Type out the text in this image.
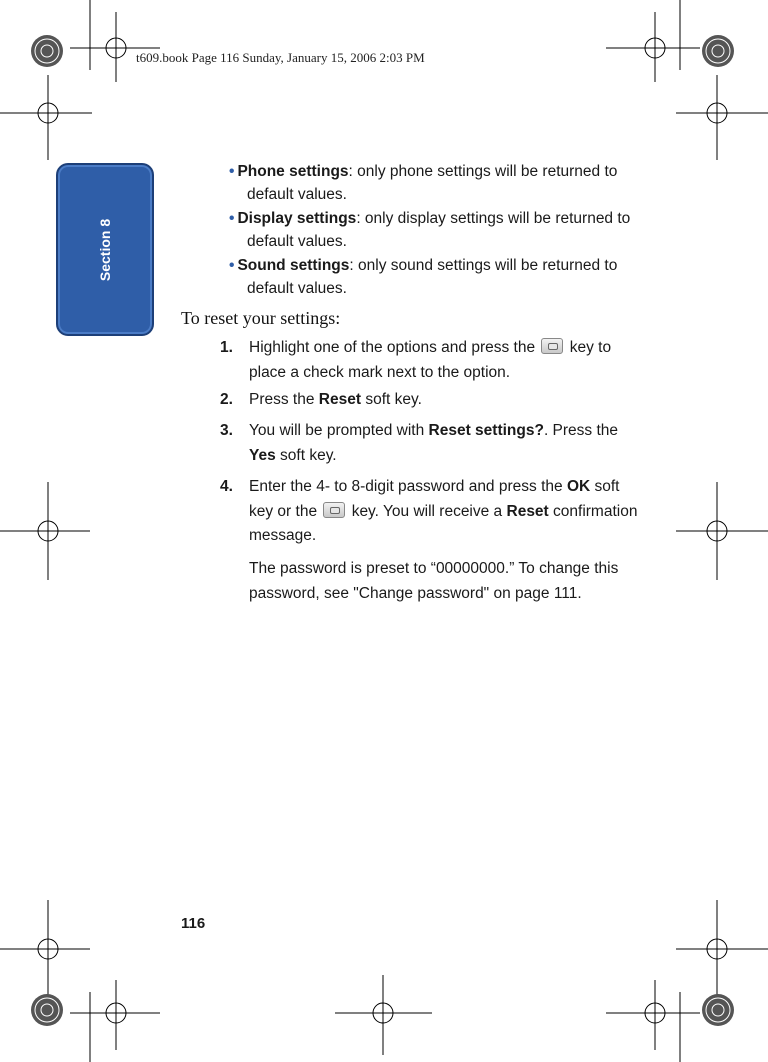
t609.book Page 116 Sunday, January 15, 2006 2:03 PM
Section 8
• Phone settings: only phone settings will be returned to
default values.
• Display settings: only display settings will be returned to
default values.
• Sound settings: only sound settings will be returned to
default values.
To reset your settings:
1. Highlight one of the options and press the key to
place a check mark next to the option.
2. Press the Reset soft key.
3. You will be prompted with Reset settings?. Press the
Yes soft key.
4. Enter the 4- to 8-digit password and press the OK soft
key or the key. You will receive a Reset confirmation
message.
The password is preset to “00000000.” To change this
password, see "Change password" on page 111.
116
